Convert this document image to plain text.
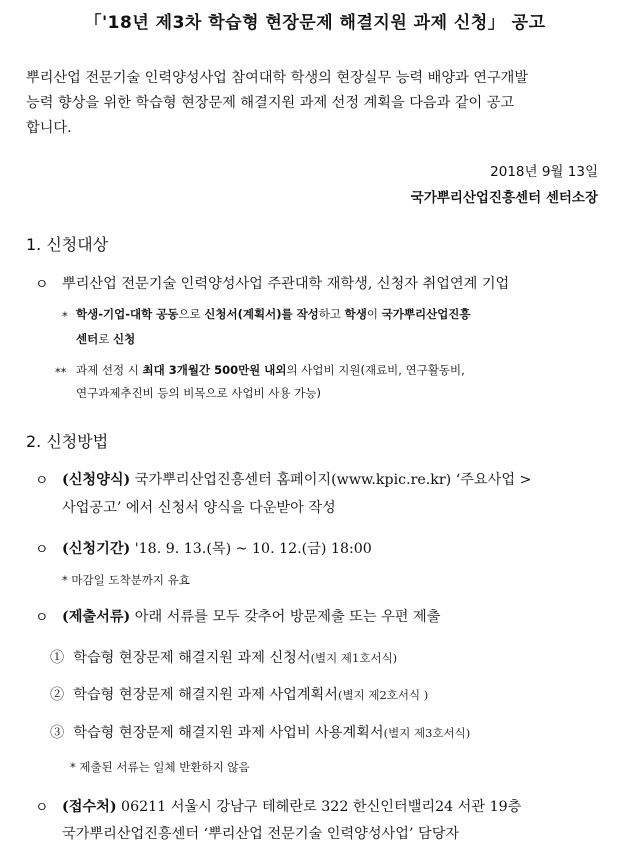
「'18년 제3차 학습형 현장문제 해결지원 과제 신청」 공고
뿌리산업 전문기술 인력양성사업 참여대학 학생의 현장실무 능력 배양과 연구개발
능력 향상을 위한 학습형 현장문제 해결지원 과제 선정 계획을 다음과 같이 공고
합니다.
2018년 9월 13일
국가뿌리산업진흥센터 센터소장
1. 신청대상
ㅇ 뿌리산업 전문기술 인력양성사업 주관대학 재학생, 신청자 취업연계 기업
* 학생-기업-대학 공동으로 신청서(계획서)를 작성하고 학생이 국가뿌리산업진흥
센터로 신청
** 과제 선정 시 최대 3개월간 500만원 내외의 사업비 지원(재료비, 연구활동비,
연구과제추진비 등의 비목으로 사업비 사용 가능)
2. 신청방법
ㅇ (신청양식) 국가뿌리산업진흥센터 홈페이지(www.kpic.re.kr) ‘주요사업 >
사업공고’ 에서 신청서 양식을 다운받아 작성
ㅇ (신청기간) '18. 9. 13.(목) ~ 10. 12.(금) 18:00
* 마감일 도착분까지 유효
ㅇ (제출서류) 아래 서류를 모두 갖추어 방문제출 또는 우편 제출
① 학습형 현장문제 해결지원 과제 신청서(별지 제1호서식)
② 학습형 현장문제 해결지원 과제 사업계획서(별지 제2호서식 )
③ 학습형 현장문제 해결지원 과제 사업비 사용계획서(별지 제3호서식)
* 제출된 서류는 일체 반환하지 않음
ㅇ (접수처) 06211 서울시 강남구 테헤란로 322 한신인터밸리24 서관 19층
국가뿌리산업진흥센터 ‘뿌리산업 전문기술 인력양성사업’ 담당자
